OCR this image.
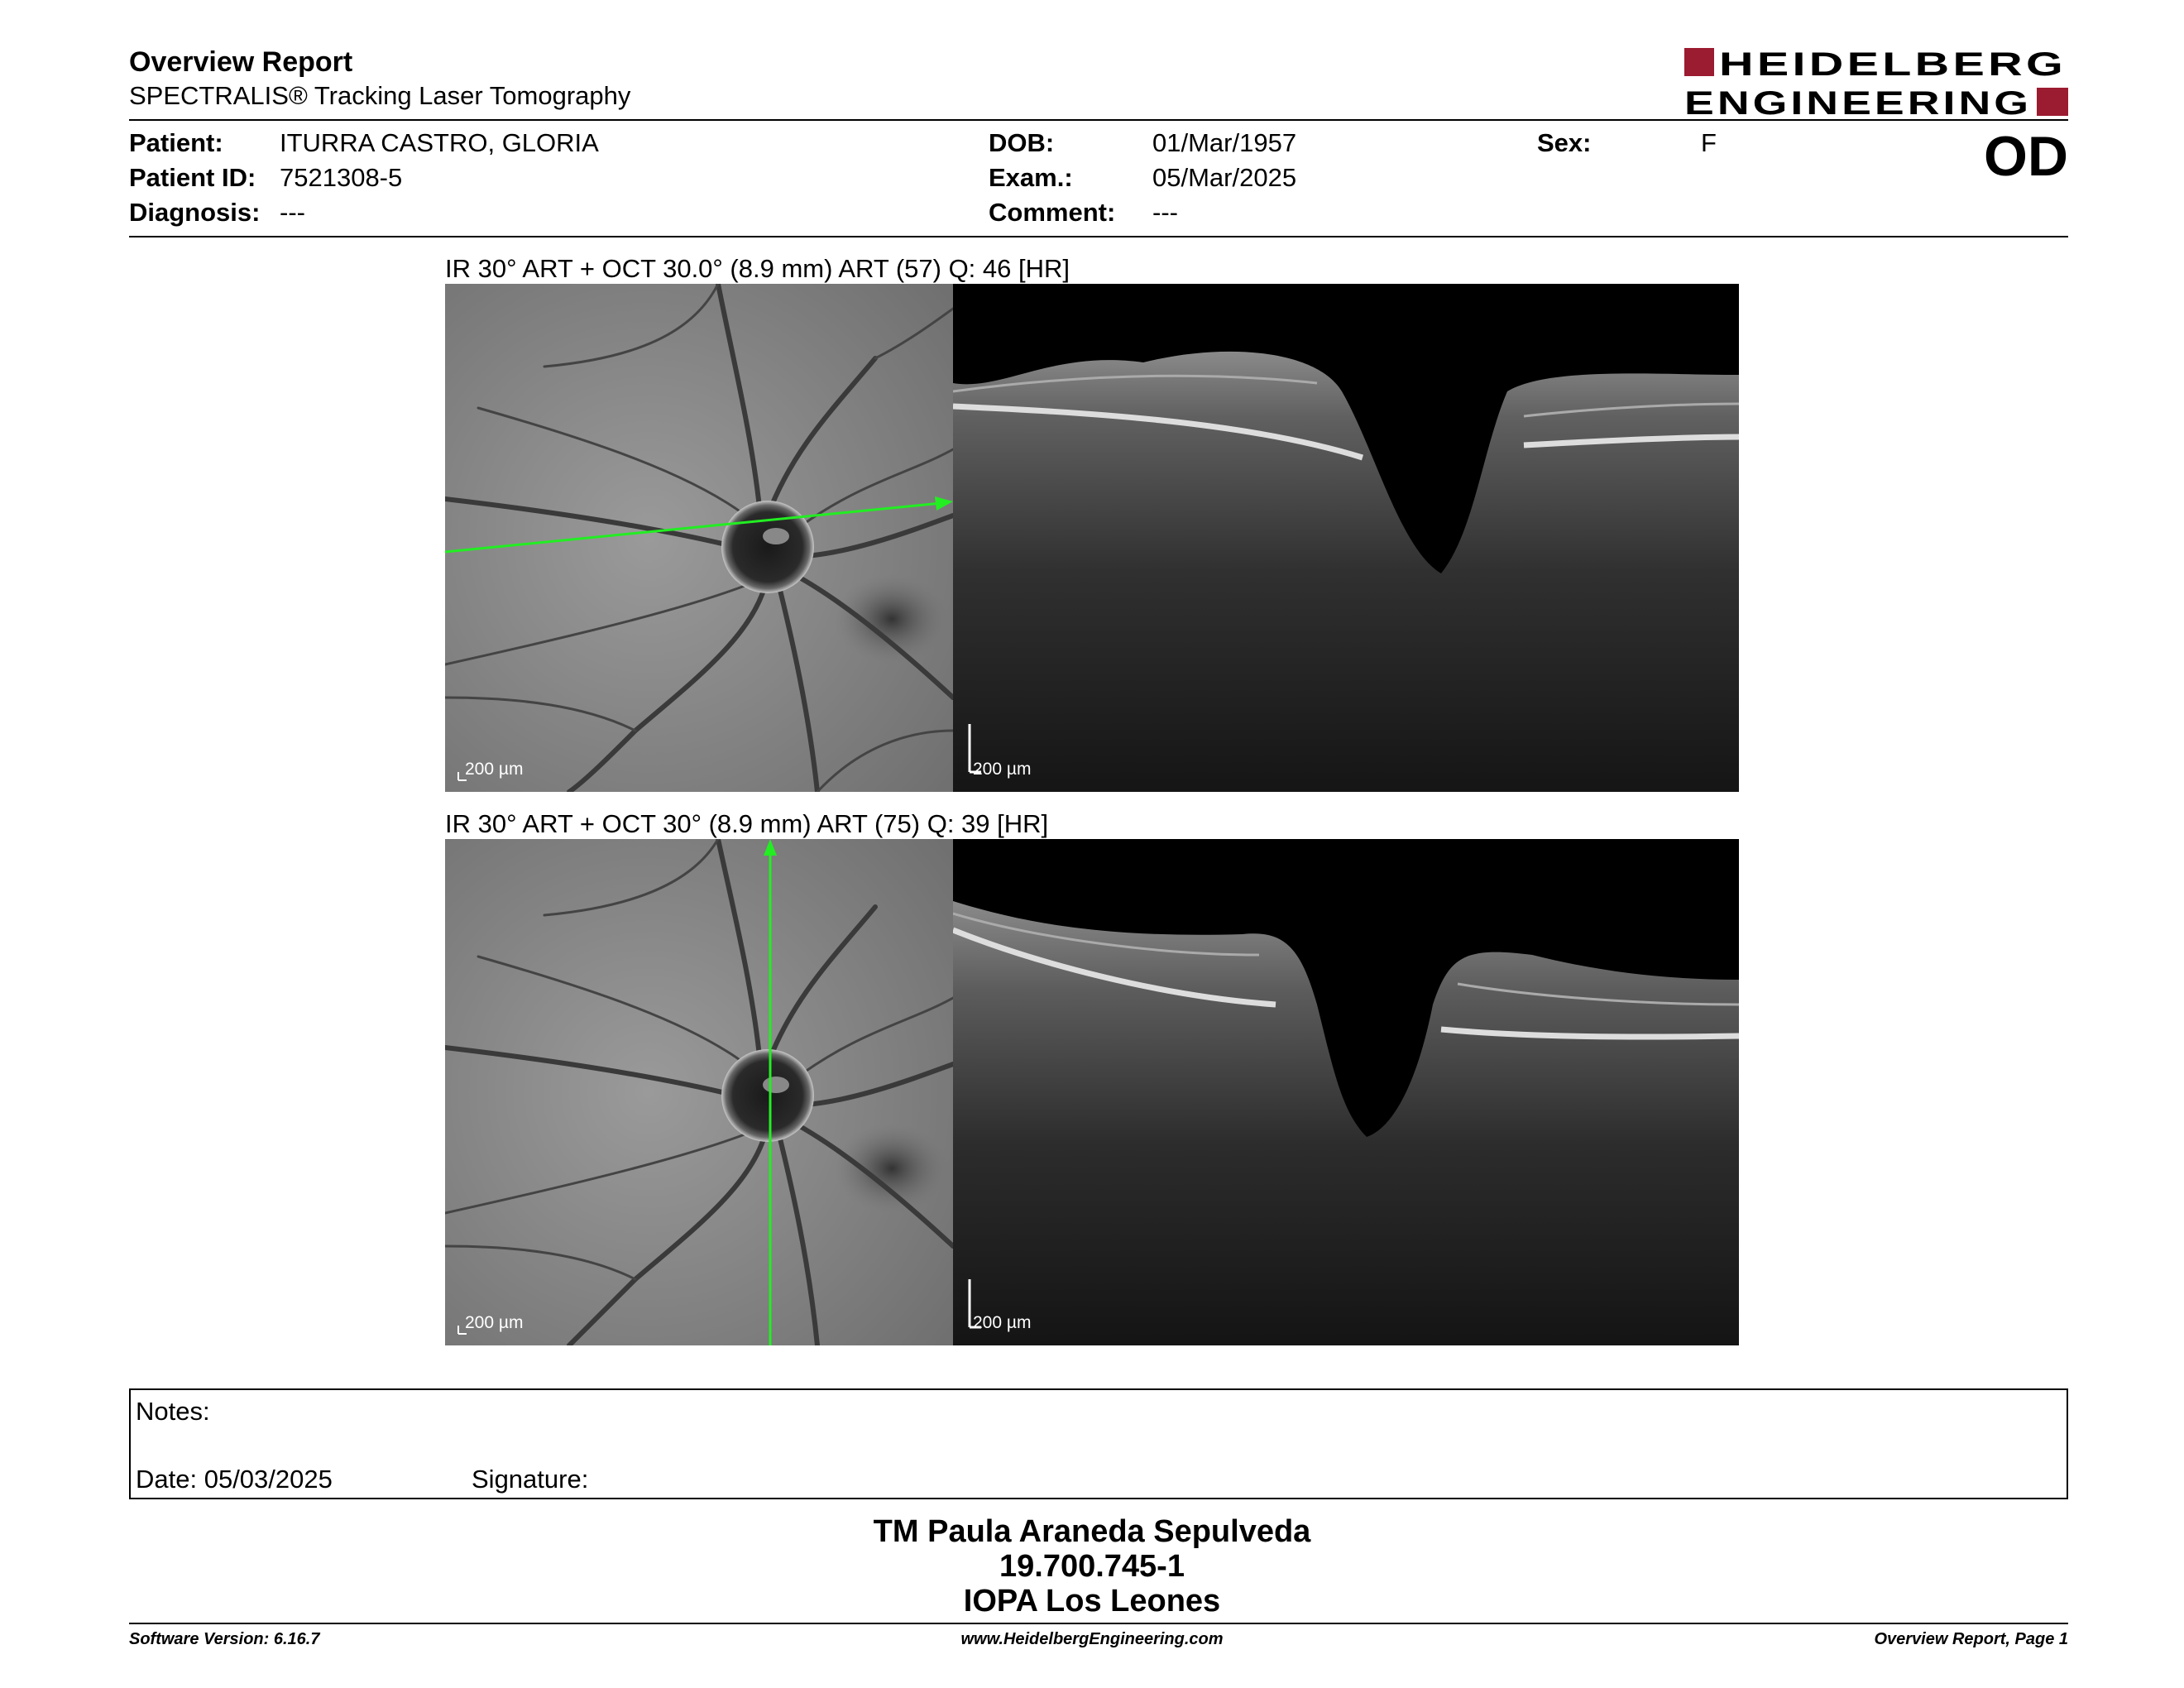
Overview Report
SPECTRALIS® Tracking Laser Tomography
HEIDELBERG
ENGINEERING
Patient: ITURRA CASTRO, GLORIA
Patient ID: 7521308-5
Diagnosis: ---
DOB:	01/Mar/1957
Exam.:	05/Mar/2025
Comment: ---
Sex:	F	OD
IR 30° ART + OCT 30.0° (8.9 mm) ART (57) Q: 46 [HR]
200 µm	200 µm
IR 30° ART + OCT 30° (8.9 mm) ART (75) Q: 39 [HR]
200 µm	200 µm
Notes:
Date: 05/03/2025	Signature:
TM Paula Araneda Sepulveda
19.700.745-1
IOPA Los Leones
Software Version: 6.16.7	www.HeidelbergEngineering.com	Overview Report, Page 1
